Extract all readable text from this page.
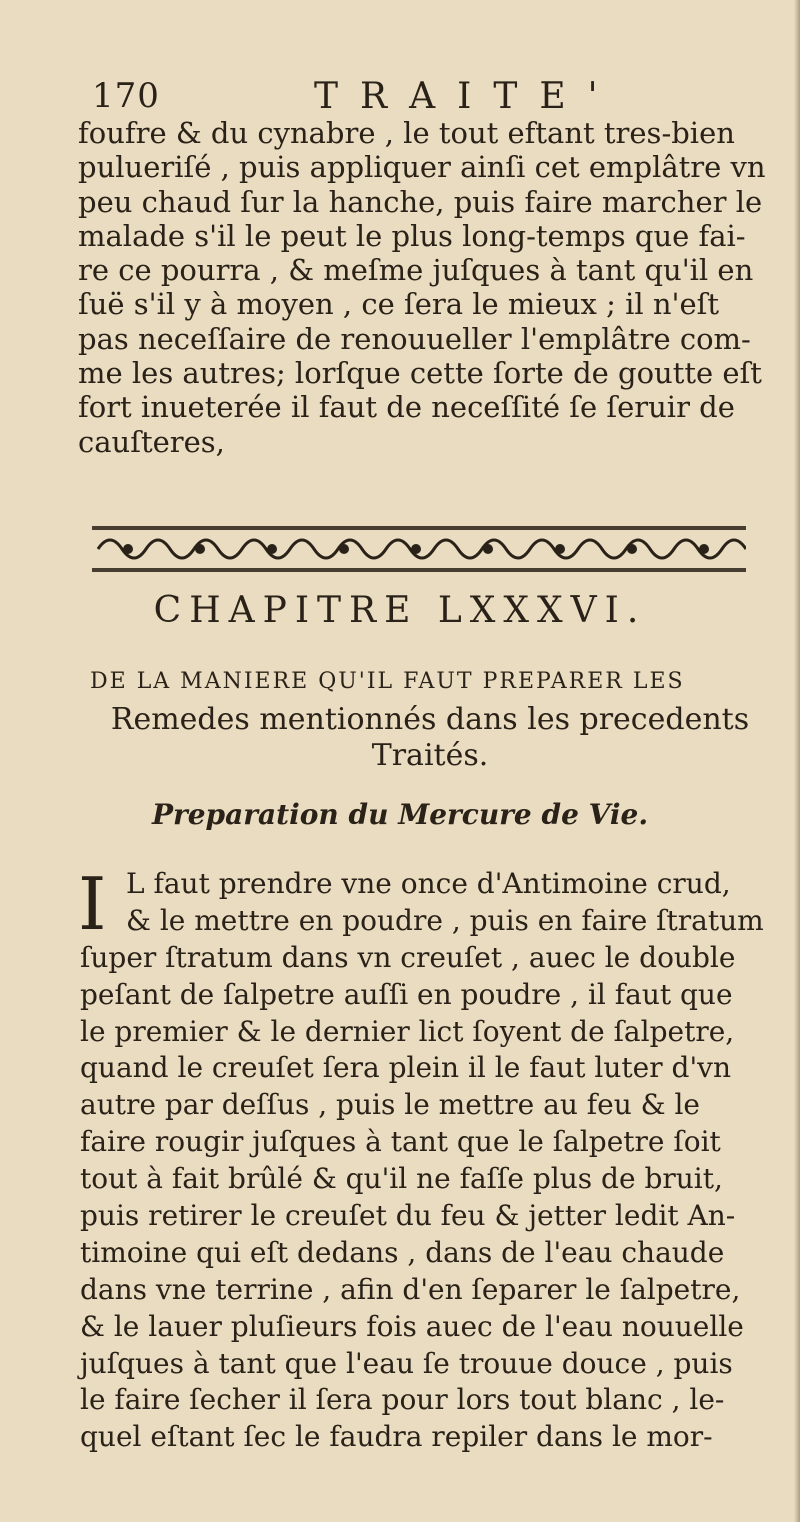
170	TRAITE'
foufre & du cynabre , le tout eftant tres-bien
pulueriſé , puis appliquer ainſi cet emplâtre vn
peu chaud ſur la hanche, puis faire marcher le
malade s'il le peut le plus long-temps que fai-
re ce pourra , & meſme juſques à tant qu'il en
ſuë s'il y à moyen , ce ſera le mieux ; il n'eſt
pas neceſſaire de renouueller l'emplâtre com-
me les autres; lorſque cette ſorte de goutte eſt
fort inueterée il faut de neceſſité ſe ſeruir de
cauſteres,
CHAPITRE LXXXVI.
DE LA MANIERE QU'IL FAUT PREPARER LES
Remedes mentionnés dans les precedents
Traités.
Preparation du Mercure de Vie.
I L faut prendre vne once d'Antimoine crud,
& le mettre en poudre , puis en faire ſtratum
ſuper ſtratum dans vn creuſet , auec le double
peſant de ſalpetre auſſi en poudre , il faut que
le premier & le dernier lict ſoyent de ſalpetre,
quand le creuſet ſera plein il le faut luter d'vn
autre par deſſus , puis le mettre au feu & le
faire rougir juſques à tant que le ſalpetre ſoit
tout à fait brûlé & qu'il ne faſſe plus de bruit,
puis retirer le creuſet du feu & jetter ledit An-
timoine qui eſt dedans , dans de l'eau chaude
dans vne terrine , afin d'en ſeparer le ſalpetre,
& le lauer pluſieurs fois auec de l'eau nouuelle
juſques à tant que l'eau ſe trouue douce , puis
le faire ſecher il ſera pour lors tout blanc , le-
quel eſtant ſec le faudra repiler dans le mor-
